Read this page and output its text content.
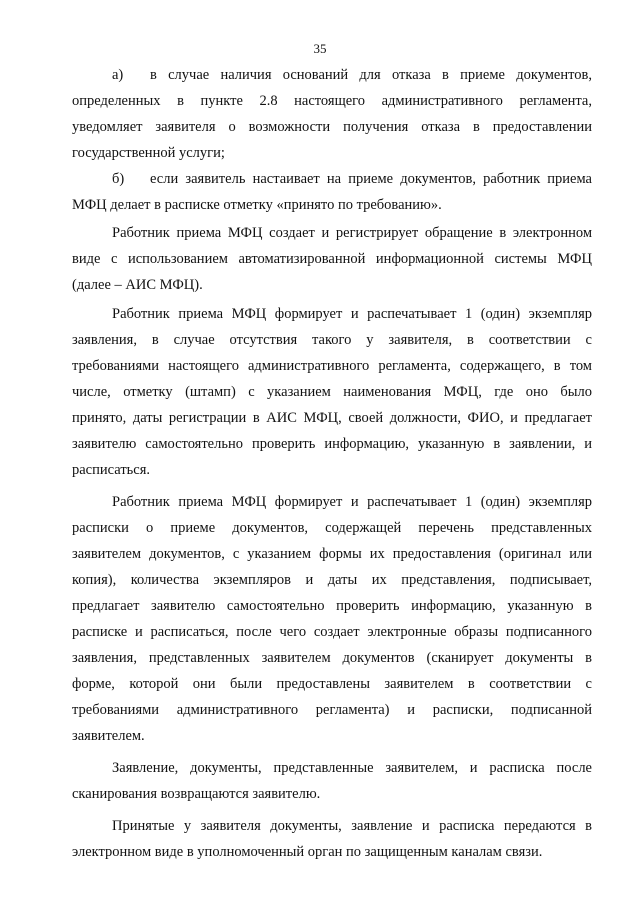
35
а) в случае наличия оснований для отказа в приеме документов,
определенных в пункте 2.8 настоящего административного регламента,
уведомляет заявителя о возможности получения отказа в предоставлении
государственной услуги;
б) если заявитель настаивает на приеме документов, работник приема
МФЦ делает в расписке отметку «принято по требованию».
Работник приема МФЦ создает и регистрирует обращение в электронном
виде с использованием автоматизированной информационной системы МФЦ
(далее – АИС МФЦ).
Работник приема МФЦ формирует и распечатывает 1 (один) экземпляр
заявления, в случае отсутствия такого у заявителя, в соответствии с
требованиями настоящего административного регламента, содержащего, в том
числе, отметку (штамп) с указанием наименования МФЦ, где оно было
принято, даты регистрации в АИС МФЦ, своей должности, ФИО, и предлагает
заявителю самостоятельно проверить информацию, указанную в заявлении, и
расписаться.
Работник приема МФЦ формирует и распечатывает 1 (один) экземпляр
расписки о приеме документов, содержащей перечень представленных
заявителем документов, с указанием формы их предоставления (оригинал или
копия), количества экземпляров и даты их представления, подписывает,
предлагает заявителю самостоятельно проверить информацию, указанную в
расписке и расписаться, после чего создает электронные образы подписанного
заявления, представленных заявителем документов (сканирует документы в
форме, которой они были предоставлены заявителем в соответствии с
требованиями административного регламента) и расписки, подписанной
заявителем.
Заявление, документы, представленные заявителем, и расписка после
сканирования возвращаются заявителю.
Принятые у заявителя документы, заявление и расписка передаются в
электронном виде в уполномоченный орган по защищенным каналам связи.
